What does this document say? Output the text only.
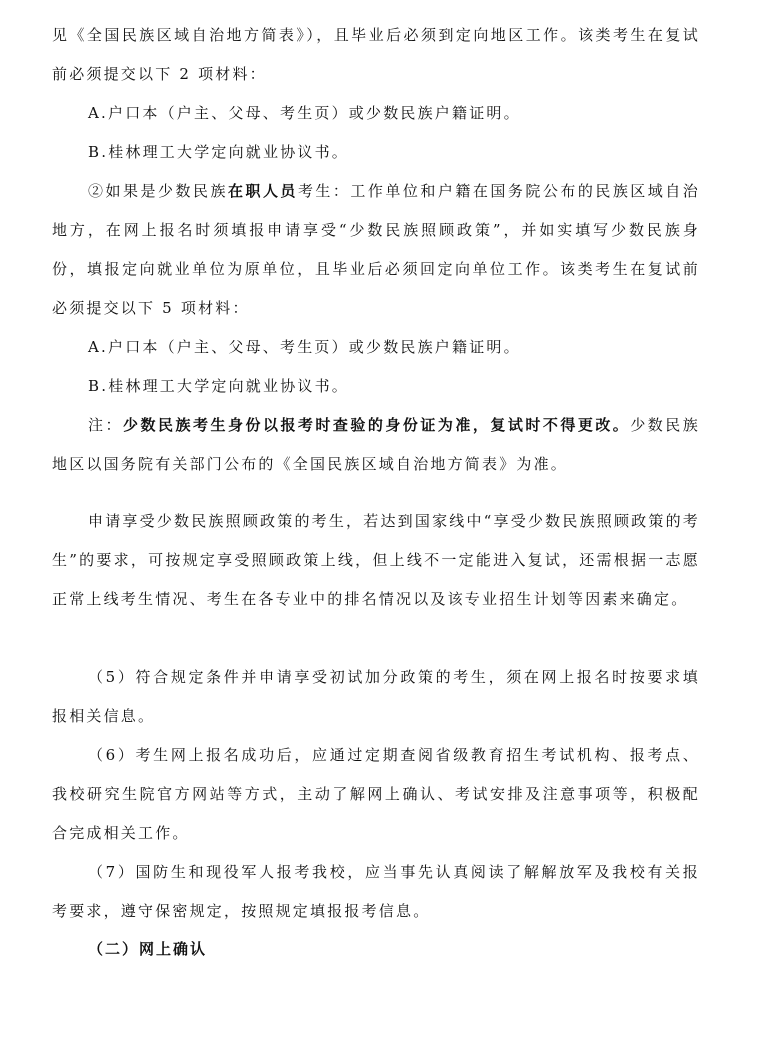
见《全国民族区域自治地方简表》），且毕业后必须到定向地区工作。该类考生在复试前必须提交以下 2 项材料：

A.户口本（户主、父母、考生页）或少数民族户籍证明。

B.桂林理工大学定向就业协议书。

②如果是少数民族在职人员考生：工作单位和户籍在国务院公布的民族区域自治地方，在网上报名时须填报申请享受“少数民族照顾政策”，并如实填写少数民族身份，填报定向就业单位为原单位，且毕业后必须回定向单位工作。该类考生在复试前必须提交以下 5 项材料：

A.户口本（户主、父母、考生页）或少数民族户籍证明。

B.桂林理工大学定向就业协议书。

注：少数民族考生身份以报考时查验的身份证为准，复试时不得更改。少数民族地区以国务院有关部门公布的《全国民族区域自治地方简表》为准。

申请享受少数民族照顾政策的考生，若达到国家线中“享受少数民族照顾政策的考生”的要求，可按规定享受照顾政策上线，但上线不一定能进入复试，还需根据一志愿正常上线考生情况、考生在各专业中的排名情况以及该专业招生计划等因素来确定。

（5）符合规定条件并申请享受初试加分政策的考生，须在网上报名时按要求填报相关信息。

（6）考生网上报名成功后，应通过定期查阅省级教育招生考试机构、报考点、我校研究生院官方网站等方式，主动了解网上确认、考试安排及注意事项等，积极配合完成相关工作。

（7）国防生和现役军人报考我校，应当事先认真阅读了解解放军及我校有关报考要求，遵守保密规定，按照规定填报报考信息。

（二）网上确认
